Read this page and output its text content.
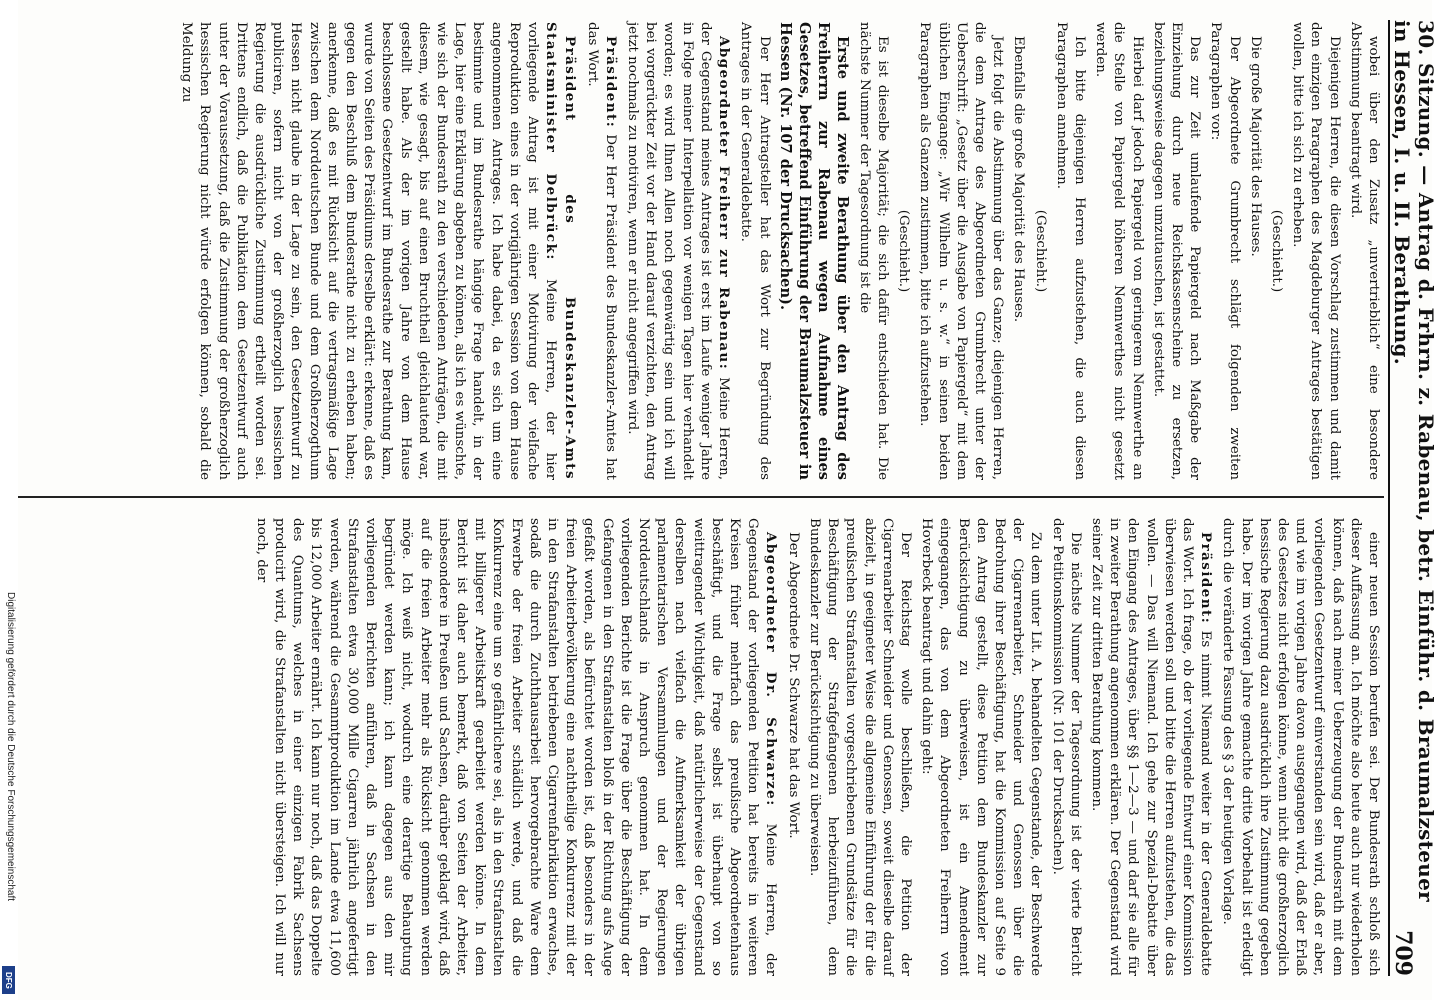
30. Sitzung. — Antrag d. Frhrn. z. Rabenau, betr. Einführ. d. Braumalzsteuer in Hessen, I. u. II. Berathung.
709

wobei über den Zusatz „unvertrieblich“ eine besondere Abstimmung beantragt wird.

Diejenigen Herren, die diesen Vorschlag zustimmen und damit den einzigen Paragraphen des Magdeburger Antrages bestätigen wollen, bitte ich sich zu erheben.

(Geschieht.)

Die große Majorität des Hauses.

Der Abgeordnete Grumbrecht schlägt folgenden zweiten Paragraphen vor:

Das zur Zeit umlaufende Papiergeld nach Maßgabe der Einziehung durch neue Reichskassenscheine zu ersetzen, beziehungsweise dagegen umzutauschen, ist gestattet.

Hierbei darf jedoch Papiergeld von geringerem Nennwerthe an die Stelle von Papiergeld höheren Nennwerthes nicht gesetzt werden.

Ich bitte diejenigen Herren aufzustehen, die auch diesen Paragraphen annehmen.

(Geschieht.)

Ebenfalls die große Majorität des Hauses.

Jetzt folgt die Abstimmung über das Ganze; diejenigen Herren, die dem Antrage des Abgeordneten Grumbrecht unter der Ueberschrift: „Gesetz über die Ausgabe von Papiergeld“ mit dem üblichen Eingange: „Wir Wilhelm u. s. w.“ in seinen beiden Paragraphen als Ganzem zustimmen, bitte ich aufzustehen.

(Geschieht.)

Es ist dieselbe Majorität; die sich dafür entschieden hat. Die nächste Nummer der Tagesordnung ist die

Erste und zweite Berathung über den Antrag des Freiherrn zur Rabenau wegen Aufnahme eines Gesetzes, betreffend Einführung der Braumalzsteuer in Hessen (Nr. 107 der Drucksachen).

Der Herr Antragsteller hat das Wort zur Begründung des Antrages in der Generaldebatte.

Abgeordneter Freiherr zur Rabenau: Meine Herren, der Gegenstand meines Antrages ist erst im Laufe weniger Jahre in Folge meiner Interpellation vor wenigen Tagen hier verhandelt worden; es wird Ihnen Allen noch gegenwärtig sein und ich will bei vorgerückter Zeit vor der Hand darauf verzichten, den Antrag jetzt nochmals zu motiviren, wenn er nicht angegriffen wird.

Präsident: Der Herr Präsident des Bundeskanzler-Amtes hat das Wort.

Präsident des Bundeskanzler-Amts Staatsminister Delbrück: Meine Herren, der hier vorliegende Antrag ist mit einer Motivirung der vielfache Reproduktion eines in der vorigjährigen Session von dem Hause angenommenen Antrages. Ich habe dabei, da es sich um eine bestimmte und im Bundesrathe hängige Frage handelt, in der Lage, hier eine Erklärung abgeben zu können, als ich es wünschte, wie sich der Bundesrath zu den verschiedenen Anträgen, die mit diesem, wie gesagt, bis auf einen Bruchtheil gleichlautend war, gestellt habe. Als der im vorigen Jahre von dem Hause beschlossene Gesetzentwurf im Bundesrathe zur Berathung kam, wurde von Seiten des Präsidiums derselbe erklärt: erkenne, daß es gegen den Beschluß dem Bundesrathe nicht zu erheben haben; anerkenne, daß es mit Rücksicht auf die vertragsmäßige Lage zwischen dem Norddeutschen Bunde und dem Großherzogthum Hessen nicht glaube in der Lage zu sein, den Gesetzentwurf zu publiciren, sofern nicht von der großherzoglich hessischen Regierung die ausdrückliche Zustimmung ertheilt worden sei. Drittens endlich, daß die Publikation dem Gesetzentwurf auch unter der Voraussetzung, daß die Zustimmung der großherzoglich hessischen Regierung nicht würde erfolgen können, sobald die Meldung zu

einer neuen Session berufen sei. Der Bundesrath schloß sich dieser Auffassung an. Ich möchte also heute auch nur wiederholen können, daß nach meiner Ueberzeugung der Bundesrath mit dem vorliegenden Gesetzentwurf einverstanden sein wird, daß er aber, und wie im vorigen Jahre davon ausgegangen wird, daß der Erlaß des Gesetzes nicht erfolgen könne, wenn nicht die großherzoglich hessische Regierung dazu ausdrücklich ihre Zustimmung gegeben habe. Der im vorigen Jahre gemachte dritte Vorbehalt ist erledigt durch die veränderte Fassung des § 3 der heutigen Vorlage.

Präsident: Es nimmt Niemand weiter in der Generaldebatte das Wort. Ich frage, ob der vorliegende Entwurf einer Kommission überwiesen werden soll und bitte die Herren aufzustehen, die das wollen. — Das will Niemand. Ich gehe zur Spezial-Debatte über den Eingang des Antrages, über §§ 1—2—3 — und darf sie alle für in zweiter Berathung angenommen erklären. Der Gegenstand wird seiner Zeit zur dritten Berathung kommen.

Die nächste Nummer der Tagesordnung ist der vierte Bericht der Petitionskommission (Nr. 101 der Drucksachen).

Zu dem unter Lit. A. behandelten Gegenstande, der Beschwerde der Cigarrenarbeiter, Schneider und Genossen über die Bedrohung ihrer Beschäftigung, hat die Kommission auf Seite 9 den Antrag gestellt, diese Petition dem Bundeskanzler zur Berücksichtigung zu überweisen, ist ein Amendement eingegangen, das von dem Abgeordneten Freiherrn von Hoverbeck beantragt und dahin geht:

Der Reichstag wolle beschließen, die Petition der Cigarrenarbeiter Schneider und Genossen, soweit dieselbe darauf abzielt, in geeigneter Weise die allgemeine Einführung der für die preußischen Strafanstalten vorgeschriebenen Grundsätze für die Beschäftigung der Strafgefangenen herbeizuführen, dem Bundeskanzler zur Berücksichtigung zu überweisen.

Der Abgeordnete Dr. Schwarze hat das Wort.

Abgeordneter Dr. Schwarze: Meine Herren, der Gegenstand der vorliegenden Petition hat bereits in weiteren Kreisen früher mehrfach das preußische Abgeordnetenhaus beschäftigt, und die Frage selbst ist überhaupt von so weittragender Wichtigkeit, daß natürlicherweise der Gegenstand derselben nach vielfach die Aufmerksamkeit der übrigen parlamentarischen Versammlungen und der Regierungen Norddeutschlands in Anspruch genommen hat. In dem vorliegenden Berichte ist die Frage über die Beschäftigung der Gefangenen in den Strafanstalten bloß in der Richtung aufs Auge gefaßt worden, als befürchtet worden ist, daß besonders in der freien Arbeiterbevölkerung eine nachtheilige Konkurrenz mit der in den Strafanstalten betriebenen Cigarrenfabrikation erwachse, sodaß die durch Zuchthausarbeit hervorgebrachte Ware dem Erwerbe der freien Arbeiter schädlich werde, und daß die Konkurrenz eine um so gefährlichere sei, als in den Strafanstalten mit billigerer Arbeitskraft gearbeitet werden könne. In dem Bericht ist daher auch bemerkt, daß von Seiten der Arbeiter, insbesondere in Preußen und Sachsen, darüber geklagt wird, daß auf die freien Arbeiter mehr als Rücksicht genommen werden möge. Ich weiß nicht, wodurch eine derartige Behauptung begründet werden kann; ich kann dagegen aus den mir vorliegenden Berichten anführen, daß in Sachsen in den Strafanstalten etwa 30,000 Mille Cigarren jährlich angefertigt werden, während die Gesammtproduktion im Lande etwa 11,600 bis 12,000 Arbeiter ernährt. Ich kann nur noch, daß das Doppelte des Quantums, welches in einer einzigen Fabrik Sachsens producirt wird, die Strafanstalten nicht übersteigen. Ich will nur noch, der

Digitalisierung gefördert durch die Deutsche Forschungsgemeinschaft
DFG
